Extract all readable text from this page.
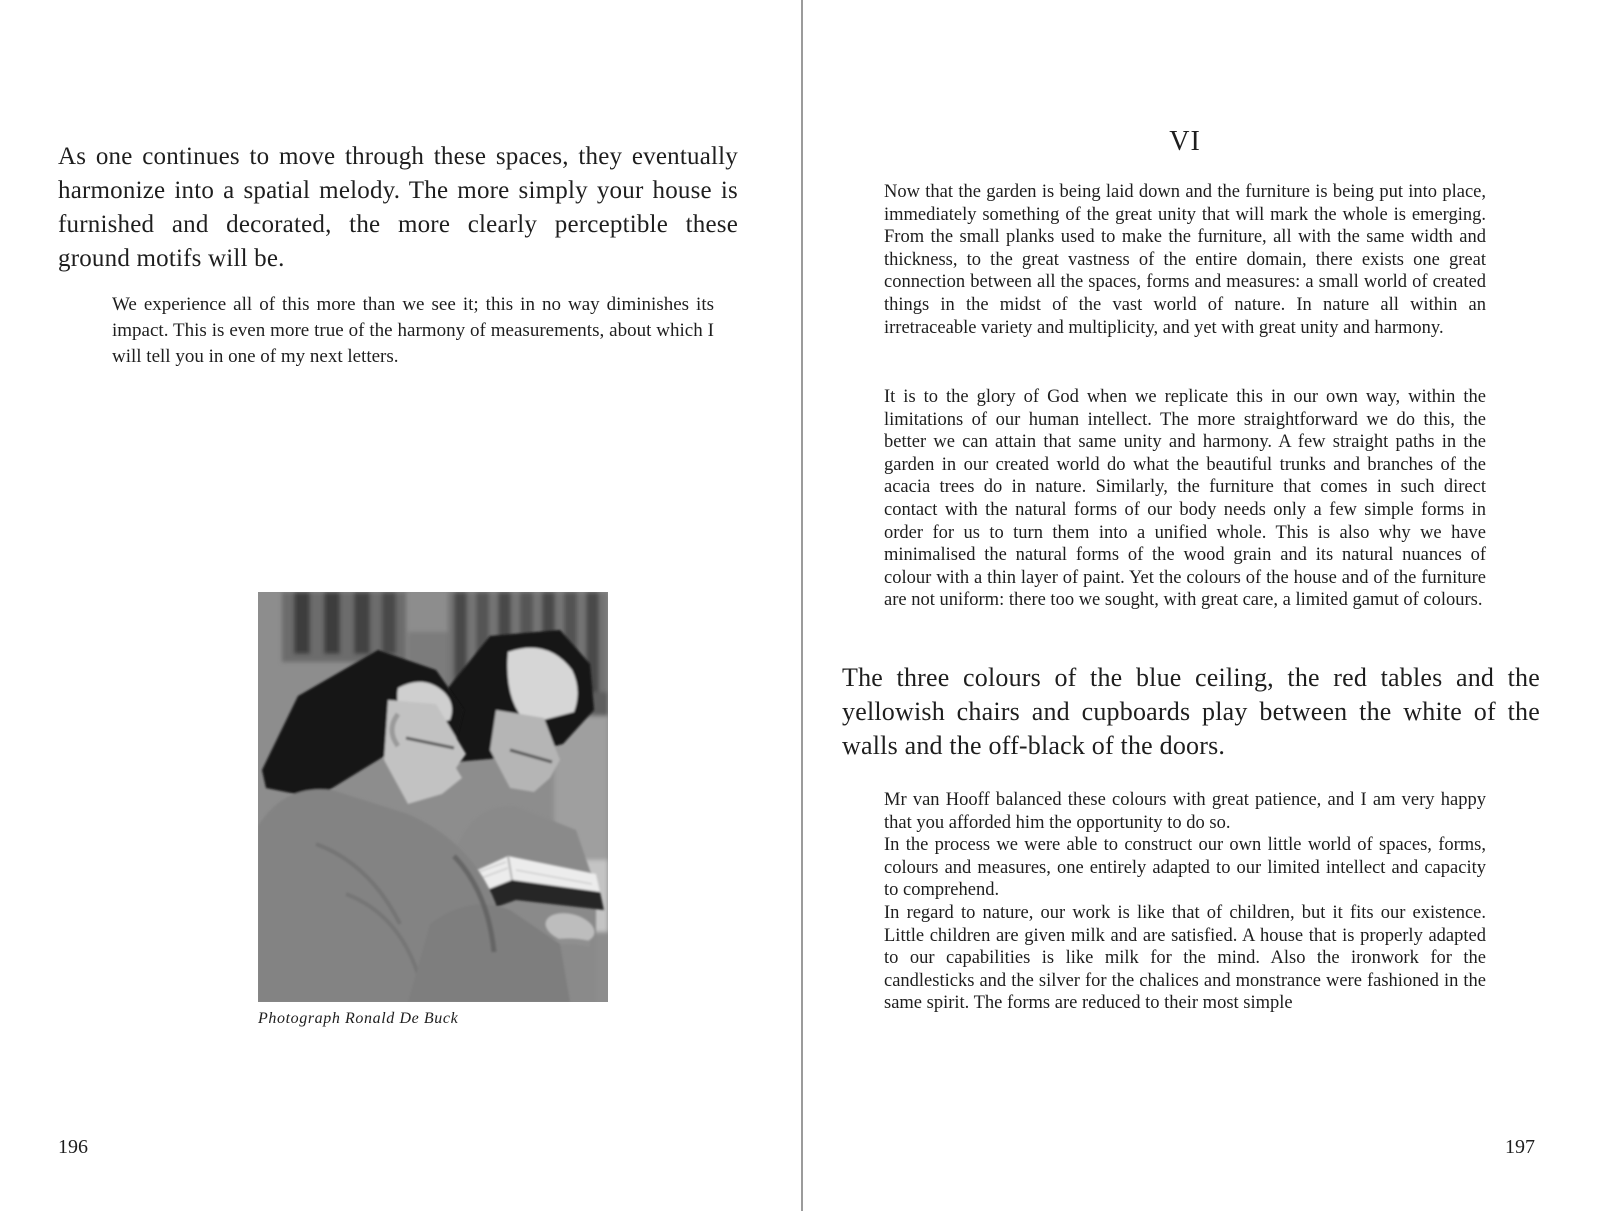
As one continues to move through these spaces, they eventually harmonize into a spatial melody. The more simply your house is furnished and decorated, the more clearly perceptible these ground motifs will be.
We experience all of this more than we see it; this in no way diminishes its impact. This is even more true of the harmony of measurements, about which I will tell you in one of my next letters.
Photograph Ronald De Buck
196
VI
Now that the garden is being laid down and the furniture is being put into place, immediately something of the great unity that will mark the whole is emerging. From the small planks used to make the furniture, all with the same width and thickness, to the great vastness of the entire domain, there exists one great connection between all the spaces, forms and measures: a small world of created things in the midst of the vast world of nature. In nature all within an irretraceable variety and multiplicity, and yet with great unity and harmony.
It is to the glory of God when we replicate this in our own way, within the limitations of our human intellect. The more straightforward we do this, the better we can attain that same unity and harmony. A few straight paths in the garden in our created world do what the beautiful trunks and branches of the acacia trees do in nature. Similarly, the furniture that comes in such direct contact with the natural forms of our body needs only a few simple forms in order for us to turn them into a unified whole. This is also why we have minimalised the natural forms of the wood grain and its natural nuances of colour with a thin layer of paint. Yet the colours of the house and of the furniture are not uniform: there too we sought, with great care, a limited gamut of colours.
The three colours of the blue ceiling, the red tables and the yellowish chairs and cupboards play between the white of the walls and the off-black of the doors.

Mr van Hooff balanced these colours with great patience, and I am very happy that you afforded him the opportunity to do so.

In the process we were able to construct our own little world of spaces, forms, colours and measures, one entirely adapted to our limited intellect and capacity to comprehend.

In regard to nature, our work is like that of children, but it fits our existence. Little children are given milk and are satisfied. A house that is properly adapted to our capabilities is like milk for the mind. Also the ironwork for the candlesticks and the silver for the chalices and monstrance were fashioned in the same spirit. The forms are reduced to their most simple

197
